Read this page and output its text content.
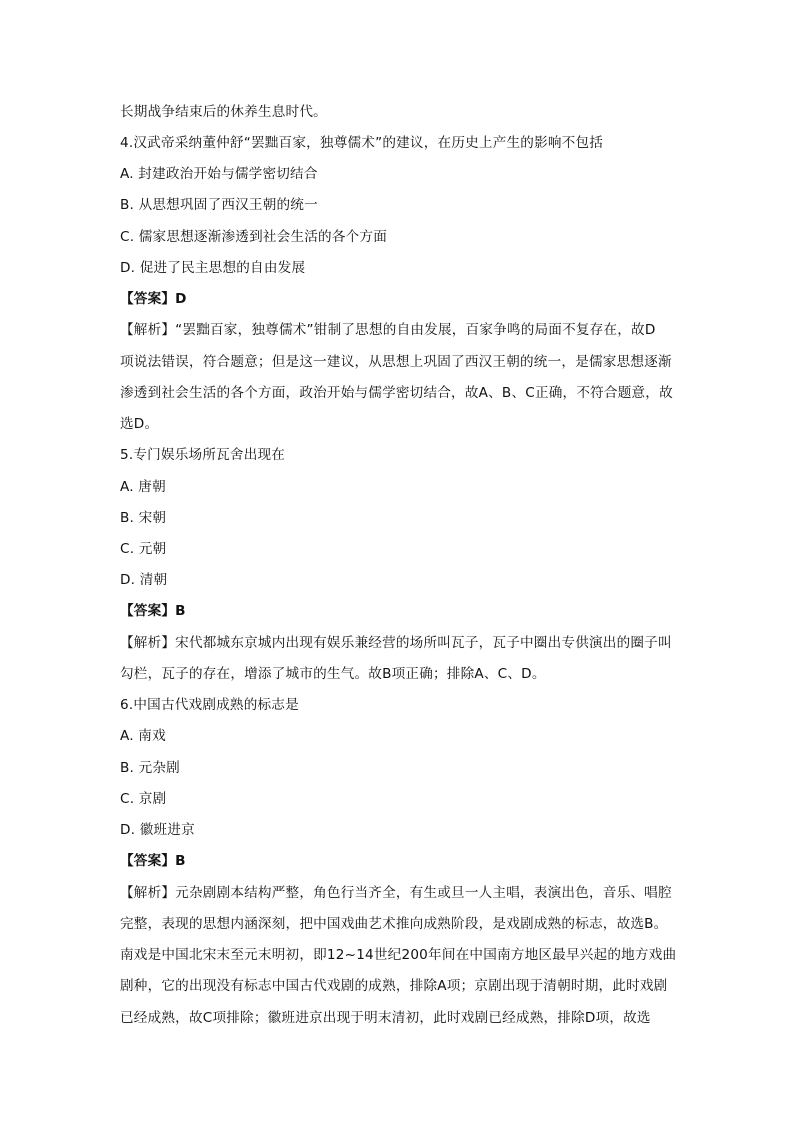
长期战争结束后的休养生息时代。
4.汉武帝采纳董仲舒“罢黜百家，独尊儒术”的建议，在历史上产生的影响不包括
A. 封建政治开始与儒学密切结合
B. 从思想巩固了西汉王朝的统一
C. 儒家思想逐渐渗透到社会生活的各个方面
D. 促进了民主思想的自由发展
【答案】D
【解析】“罢黜百家，独尊儒术”钳制了思想的自由发展，百家争鸣的局面不复存在，故D
项说法错误，符合题意；但是这一建议，从思想上巩固了西汉王朝的统一，是儒家思想逐渐
渗透到社会生活的各个方面，政治开始与儒学密切结合，故A、B、C正确，不符合题意，故
选D。
5.专门娱乐场所瓦舍出现在
A. 唐朝
B. 宋朝
C. 元朝
D. 清朝
【答案】B
【解析】宋代都城东京城内出现有娱乐兼经营的场所叫瓦子，瓦子中圈出专供演出的圈子叫
勾栏，瓦子的存在，增添了城市的生气。故B项正确；排除A、C、D。
6.中国古代戏剧成熟的标志是
A. 南戏
B. 元杂剧
C. 京剧
D. 徽班进京
【答案】B
【解析】元杂剧剧本结构严整，角色行当齐全，有生或旦一人主唱，表演出色，音乐、唱腔
完整，表现的思想内涵深刻，把中国戏曲艺术推向成熟阶段，是戏剧成熟的标志，故选B。
南戏是中国北宋末至元末明初，即12~14世纪200年间在中国南方地区最早兴起的地方戏曲
剧种，它的出现没有标志中国古代戏剧的成熟，排除A项；京剧出现于清朝时期，此时戏剧
已经成熟，故C项排除；徽班进京出现于明末清初，此时戏剧已经成熟，排除D项，故选
